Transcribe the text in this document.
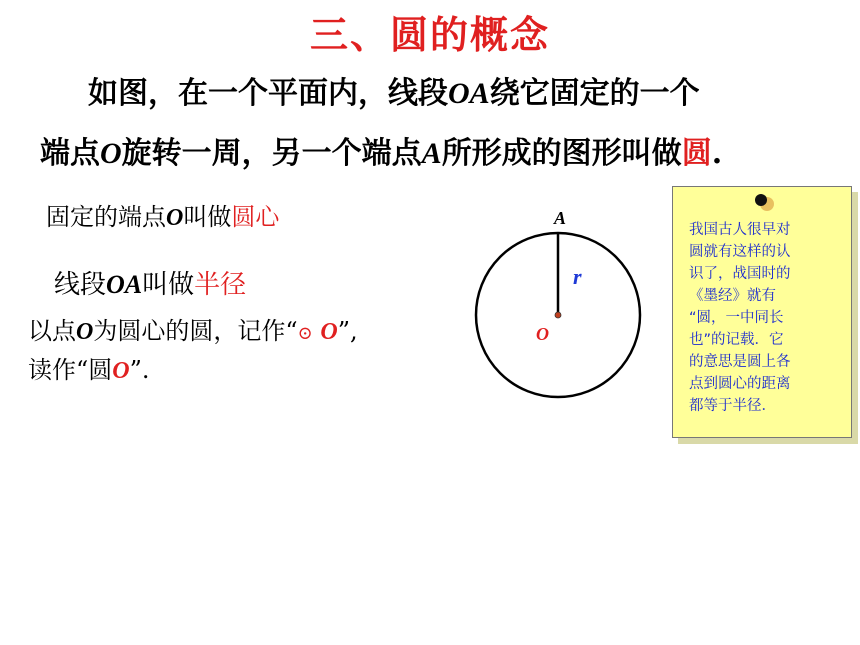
三、圆的概念
如图，在一个平面内，线段OA绕它固定的一个
端点O旋转一周，另一个端点A所形成的图形叫做圆.
固定的端点O叫做圆心
线段OA叫做半径
以点O为圆心的圆，记作“⊙ O”,
读作“圆O”.
A
r
O
我国古人很早对
圆就有这样的认
识了，战国时的
《墨经》就有
“圆，一中同长
也”的记载．它
的意思是圆上各
点到圆心的距离
都等于半径．
